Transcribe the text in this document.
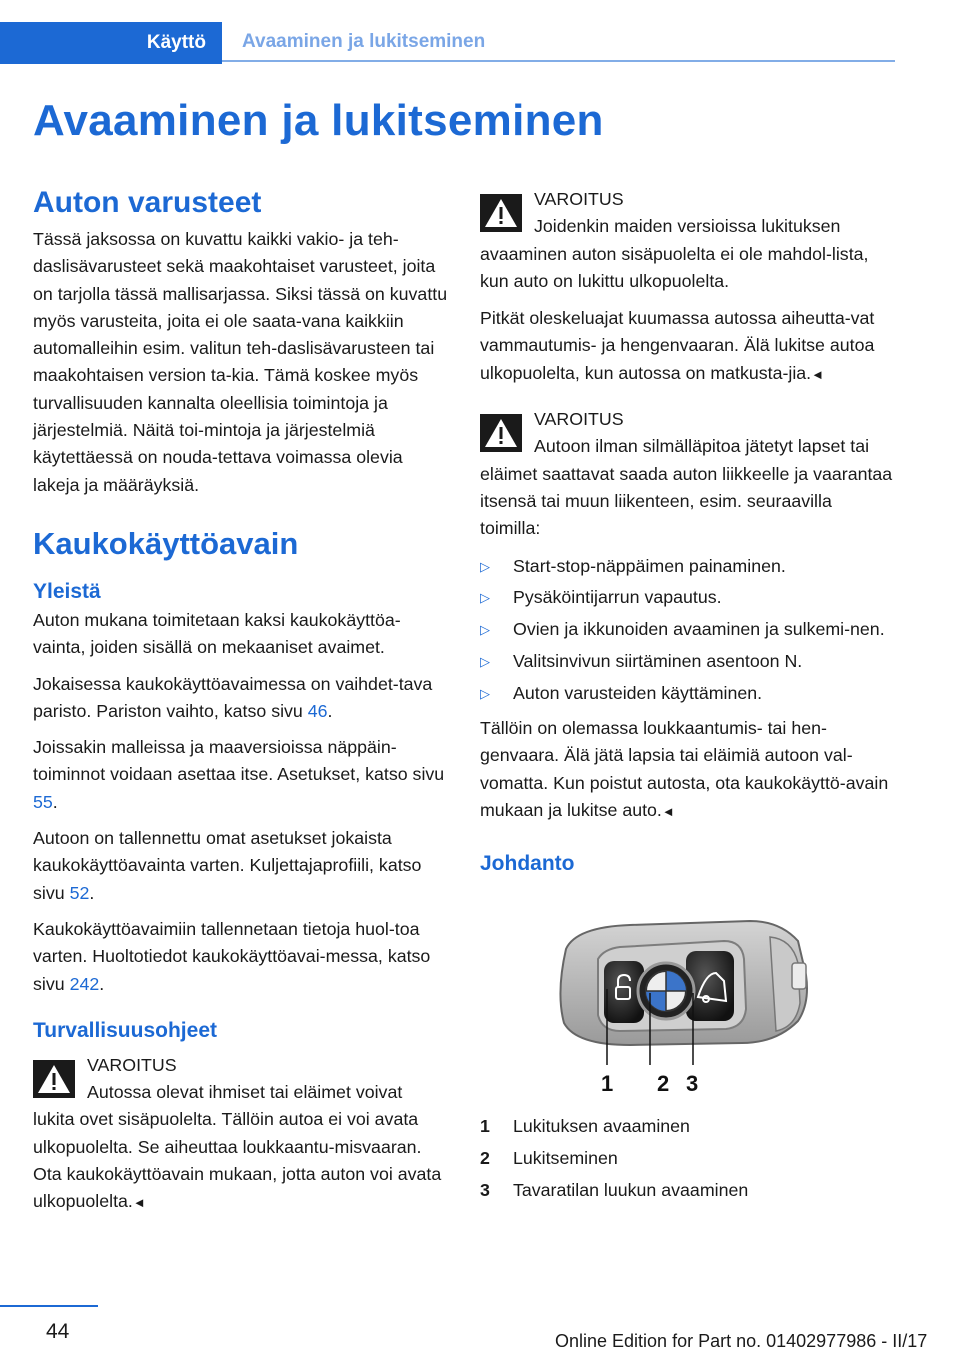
Käyttö	Avaaminen ja lukitseminen
Avaaminen ja lukitseminen
Auton varusteet

Tässä jaksossa on kuvattu kaikki vakio- ja teh-daslisävarusteet sekä maakohtaiset varusteet, joita on tarjolla tässä mallisarjassa. Siksi tässä on kuvattu myös varusteita, joita ei ole saata-vana kaikkiin automalleihin esim. valitun teh-daslisävarusteen tai maakohtaisen version ta-kia. Tämä koskee myös turvallisuuden kannalta oleellisia toimintoja ja järjestelmiä. Näitä toi-mintoja ja järjestelmiä käytettäessä on nouda-tettava voimassa olevia lakeja ja määräyksiä.

Kaukokäyttöavain
Yleistä

Auton mukana toimitetaan kaksi kaukokäyttöa-vainta, joiden sisällä on mekaaniset avaimet.

Jokaisessa kaukokäyttöavaimessa on vaihdet-tava paristo. Pariston vaihto, katso sivu 46.

Joissakin malleissa ja maaversioissa näppäin-toiminnot voidaan asettaa itse. Asetukset, katso sivu 55.

Autoon on tallennettu omat asetukset jokaista kaukokäyttöavainta varten. Kuljettajaprofiili, katso sivu 52.

Kaukokäyttöavaimiin tallennetaan tietoja huol-toa varten. Huoltotiedot kaukokäyttöavai-messa, katso sivu 242.

Turvallisuusohjeet
VAROITUS
Autossa olevat ihmiset tai eläimet voivat lukita ovet sisäpuolelta. Tällöin autoa ei voi avata ulkopuolelta. Se aiheuttaa loukkaantu-misvaaran. Ota kaukokäyttöavain mukaan, jotta auton voi avata ulkopuolelta.◄
VAROITUS
Joidenkin maiden versioissa lukituksen avaaminen auton sisäpuolelta ei ole mahdol-lista, kun auto on lukittu ulkopuolelta.

Pitkät oleskeluajat kuumassa autossa aiheutta-vat vammautumis- ja hengenvaaran. Älä lukitse autoa ulkopuolelta, kun autossa on matkusta-jia.◄

VAROITUS
Autoon ilman silmälläpitoa jätetyt lapset tai eläimet saattavat saada auton liikkeelle ja vaarantaa itsensä tai muun liikenteen, esim. seuraavilla toimilla:
▷ Start-stop-näppäimen painaminen.
▷ Pysäköintijarrun vapautus.
▷ Ovien ja ikkunoiden avaaminen ja sulkemi-nen.
▷ Valitsinvivun siirtäminen asentoon N.
▷ Auton varusteiden käyttäminen.

Tällöin on olemassa loukkaantumis- tai hen-genvaara. Älä jätä lapsia tai eläimiä autoon val-vomatta. Kun poistut autosta, ota kaukokäyttö-avain mukaan ja lukitse auto.◄

Johdanto
1 2 3
1	Lukituksen avaaminen
2	Lukitseminen
3	Tavaratilan luukun avaaminen
44	Online Edition for Part no. 01402977986 - II/17
